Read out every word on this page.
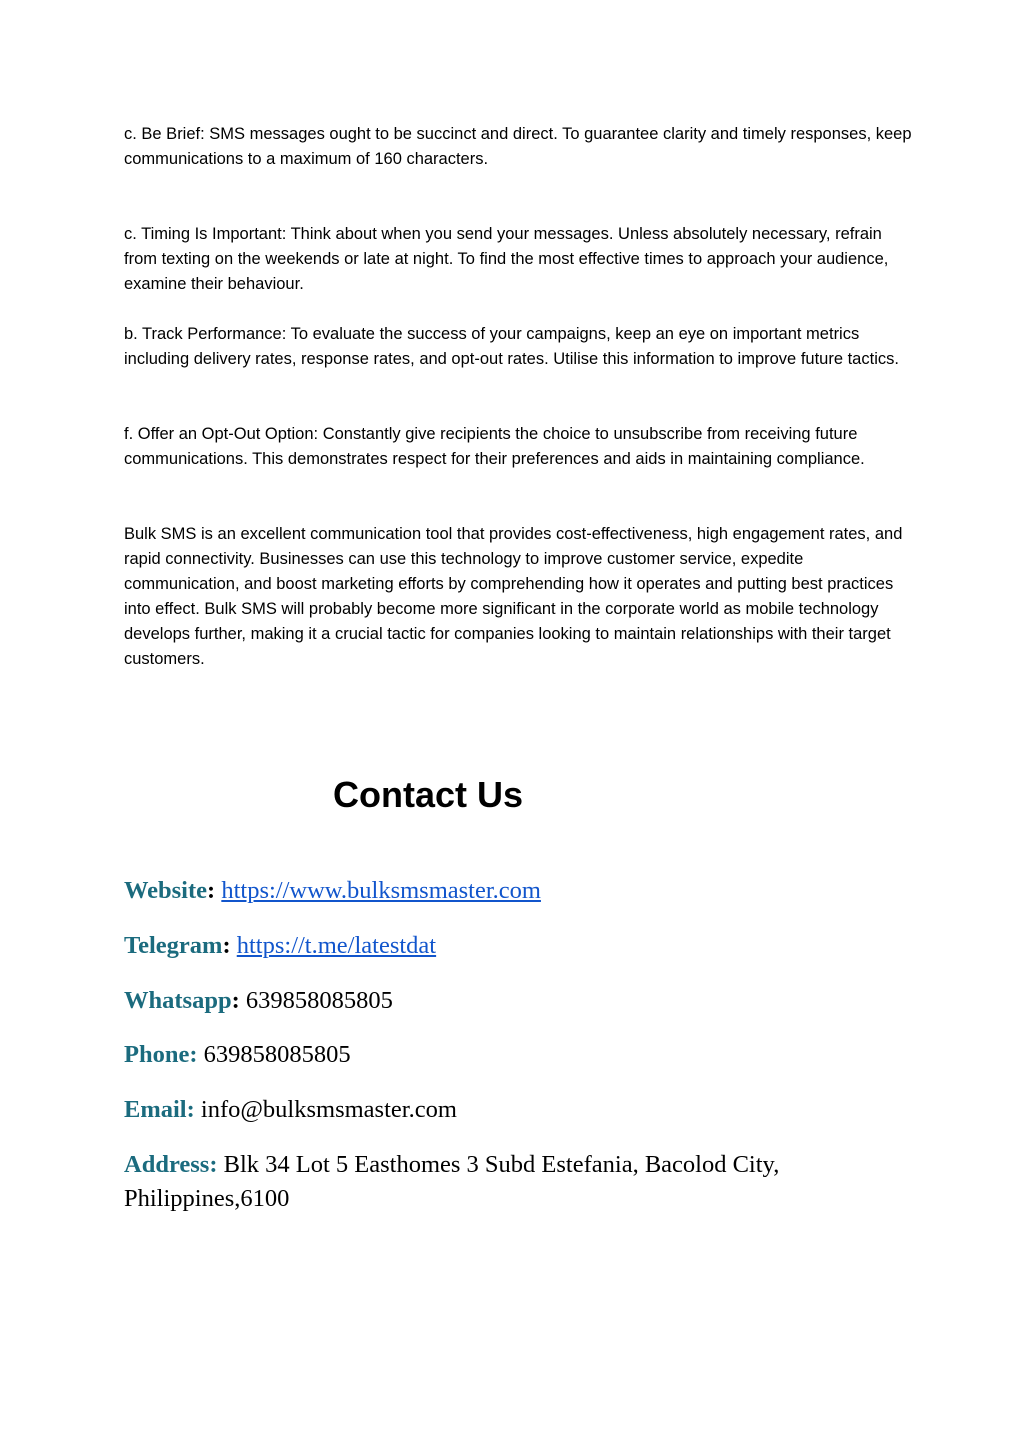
c. Be Brief: SMS messages ought to be succinct and direct. To guarantee clarity and timely responses, keep communications to a maximum of 160 characters.

c. Timing Is Important: Think about when you send your messages. Unless absolutely necessary, refrain from texting on the weekends or late at night. To find the most effective times to approach your audience, examine their behaviour.

b. Track Performance: To evaluate the success of your campaigns, keep an eye on important metrics including delivery rates, response rates, and opt-out rates. Utilise this information to improve future tactics.

f. Offer an Opt-Out Option: Constantly give recipients the choice to unsubscribe from receiving future communications. This demonstrates respect for their preferences and aids in maintaining compliance.

Bulk SMS is an excellent communication tool that provides cost-effectiveness, high engagement rates, and rapid connectivity. Businesses can use this technology to improve customer service, expedite communication, and boost marketing efforts by comprehending how it operates and putting best practices into effect. Bulk SMS will probably become more significant in the corporate world as mobile technology develops further, making it a crucial tactic for companies looking to maintain relationships with their target customers.

Contact Us

Website: https://www.bulksmsmaster.com

Telegram: https://t.me/latestdat

Whatsapp: 639858085805

Phone: 639858085805

Email: info@bulksmsmaster.com

Address: Blk 34 Lot 5 Easthomes 3 Subd Estefania, Bacolod City, Philippines,6100
